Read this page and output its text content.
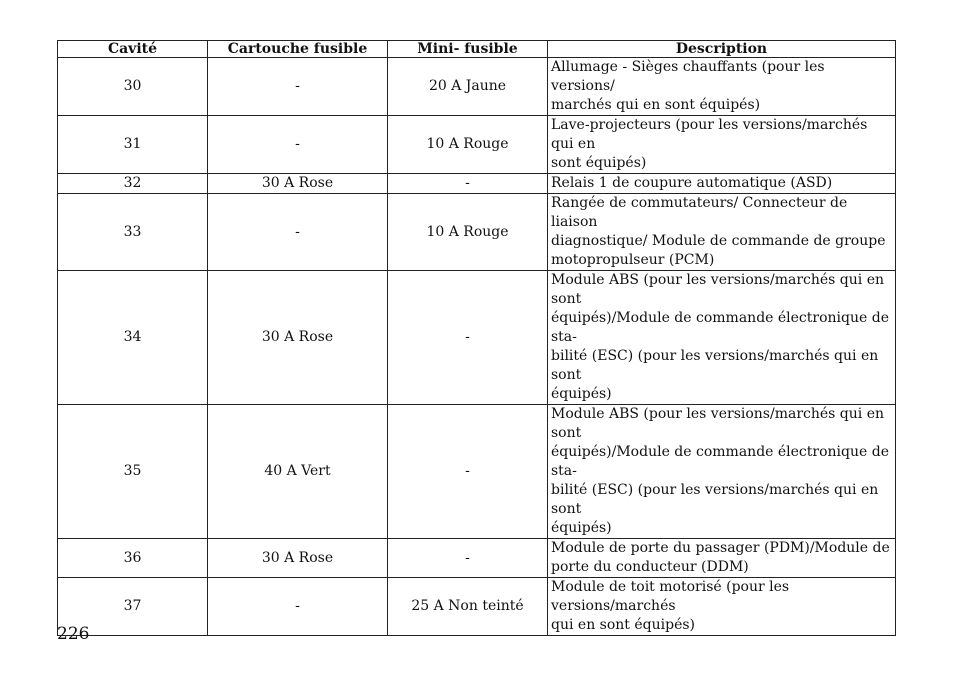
Cavité	Cartouche fusible	Mini- fusible	Description
30	-	20 A Jaune	Allumage - Sièges chauffants (pour les versions/
marchés qui en sont équipés)
31	-	10 A Rouge	Lave-projecteurs (pour les versions/marchés qui en
sont équipés)
32	30 A Rose	-	Relais 1 de coupure automatique (ASD)
33	-	10 A Rouge	Rangée de commutateurs/ Connecteur de liaison
diagnostique/ Module de commande de groupe
motopropulseur (PCM)
34	30 A Rose	-	Module ABS (pour les versions/marchés qui en sont
équipés)/Module de commande électronique de sta-
bilité (ESC) (pour les versions/marchés qui en sont
équipés)
35	40 A Vert	-	Module ABS (pour les versions/marchés qui en sont
équipés)/Module de commande électronique de sta-
bilité (ESC) (pour les versions/marchés qui en sont
équipés)
36	30 A Rose	-	Module de porte du passager (PDM)/Module de
porte du conducteur (DDM)
37	-	25 A Non teinté	Module de toit motorisé (pour les versions/marchés
qui en sont équipés)
226
